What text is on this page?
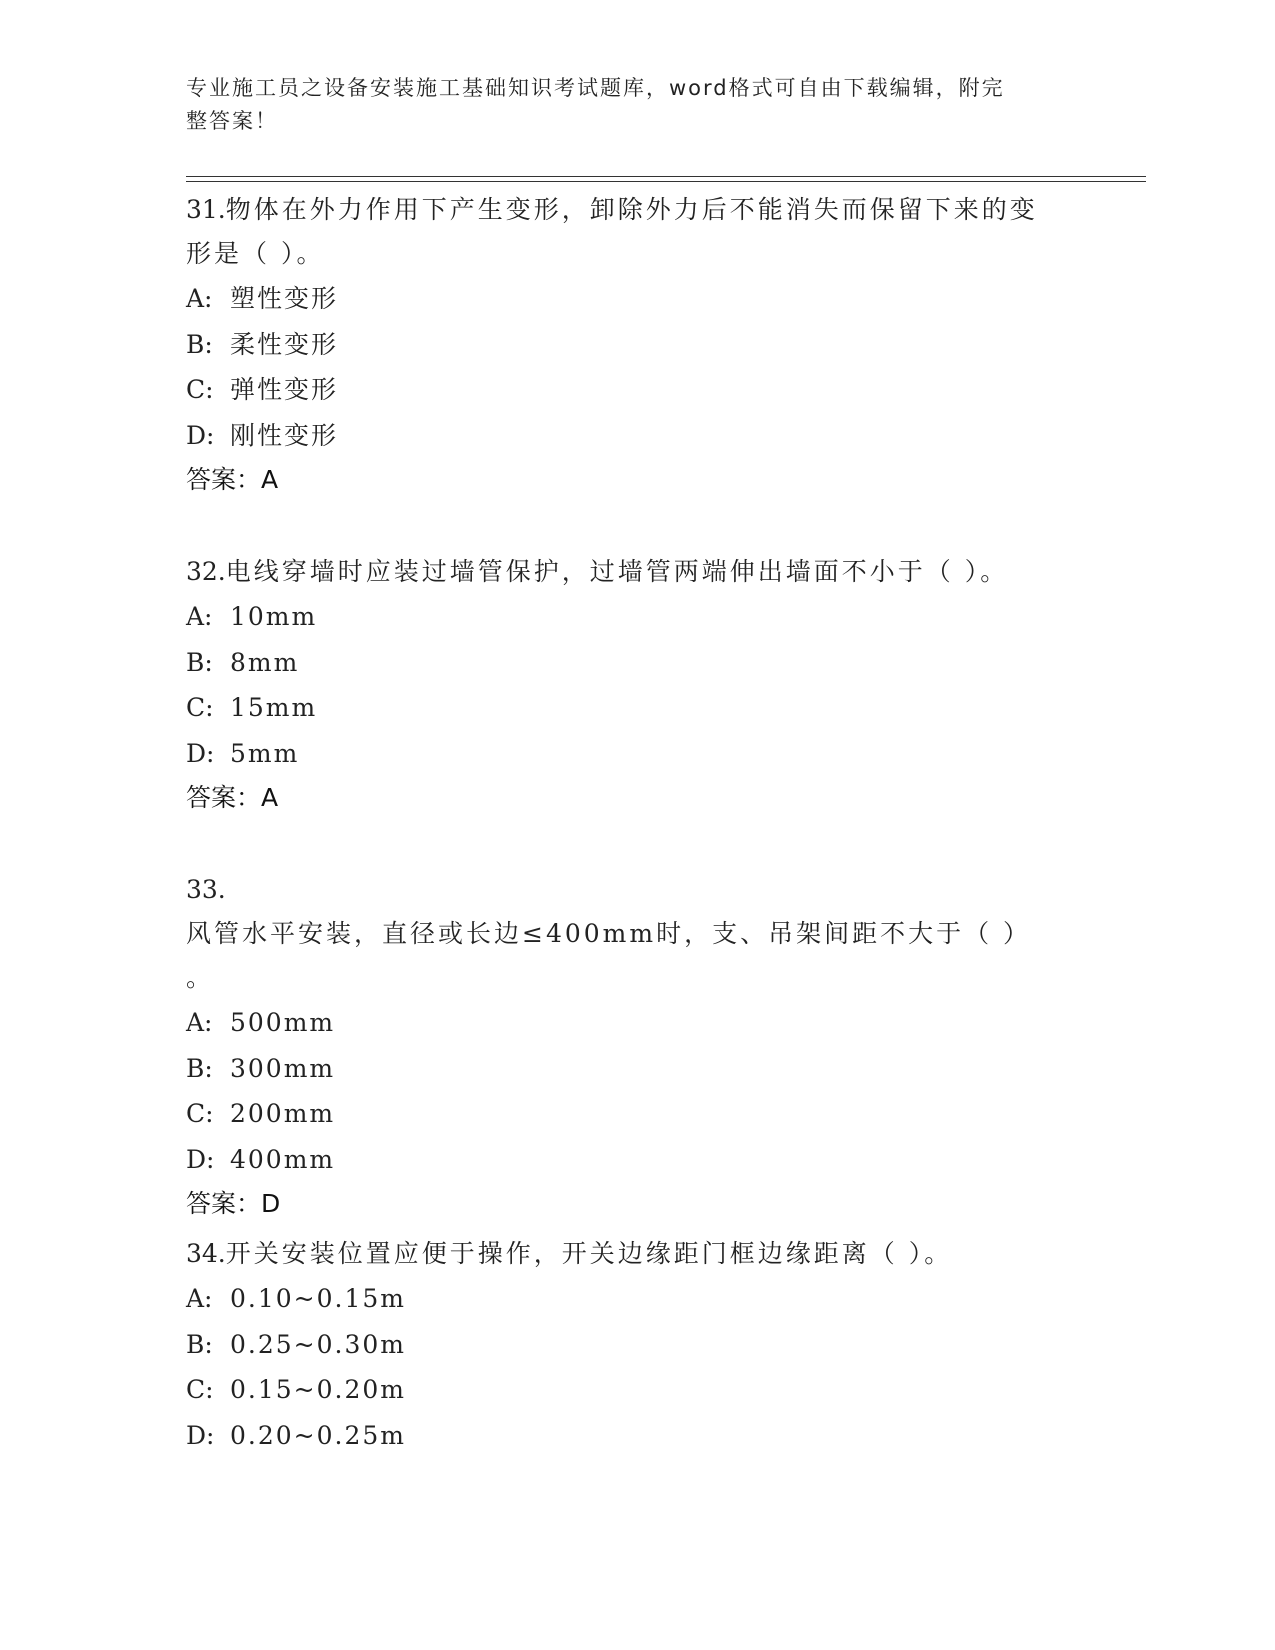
专业施工员之设备安装施工基础知识考试题库，word格式可自由下载编辑，附完
整答案！
31.物体在外力作用下产生变形，卸除外力后不能消失而保留下来的变
形是（ ）。
A: 塑性变形
B: 柔性变形
C: 弹性变形
D: 刚性变形
答案：A
32.电线穿墙时应装过墙管保护，过墙管两端伸出墙面不小于（ ）。
A: 10mm
B: 8mm
C: 15mm
D: 5mm
答案：A
33.风管水平安装，直径或长边≤400mm时，支、吊架间距不大于（ ）
。
A: 500mm
B: 300mm
C: 200mm
D: 400mm
答案：D
34.开关安装位置应便于操作，开关边缘距门框边缘距离（ ）。
A: 0.10~0.15m
B: 0.25~0.30m
C: 0.15~0.20m
D: 0.20~0.25m
